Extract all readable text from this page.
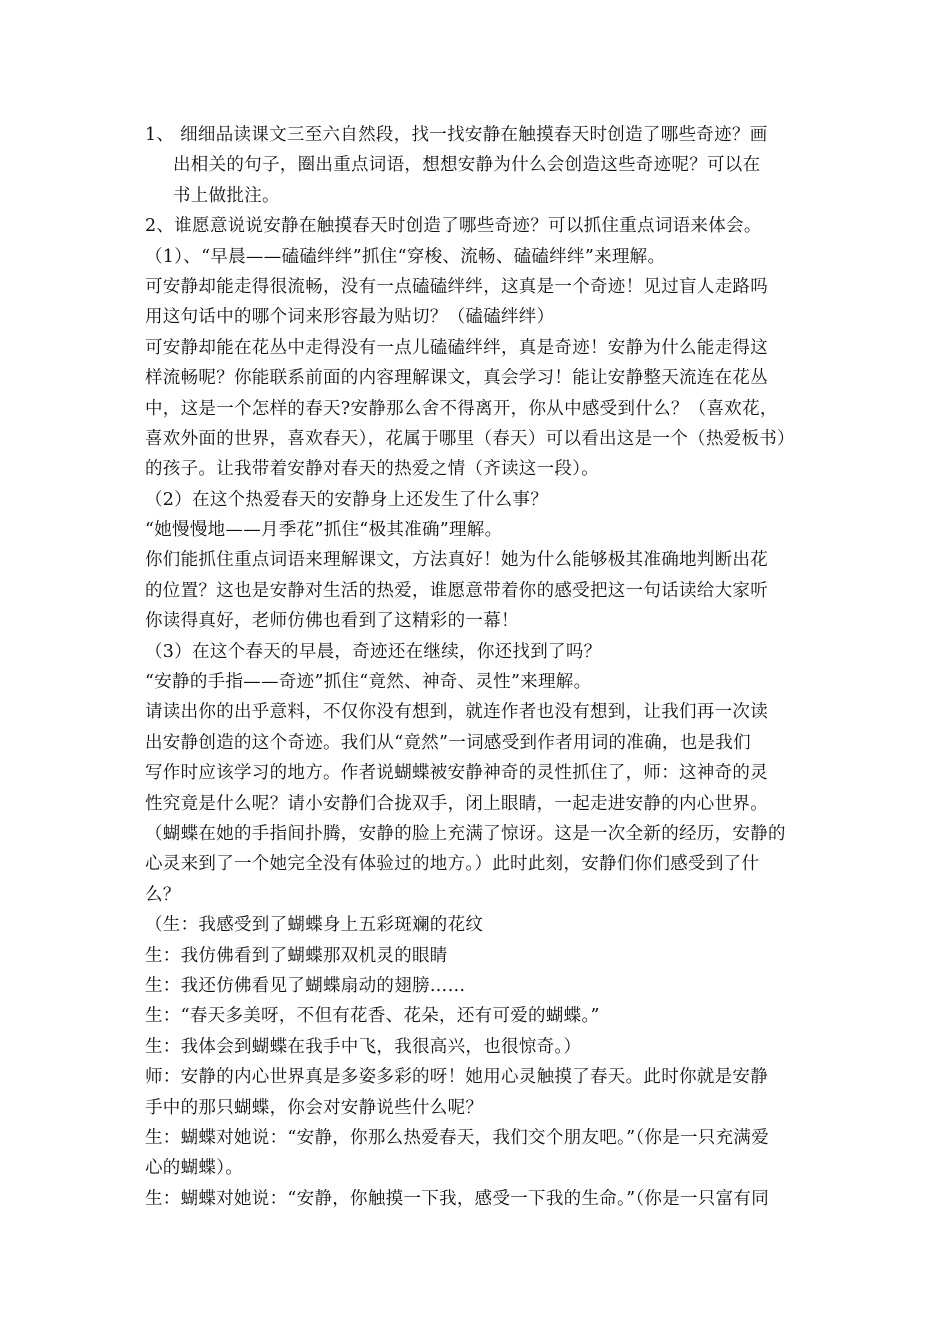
1、 细细品读课文三至六自然段，找一找安静在触摸春天时创造了哪些奇迹？画
出相关的句子，圈出重点词语，想想安静为什么会创造这些奇迹呢？可以在
书上做批注。
2、谁愿意说说安静在触摸春天时创造了哪些奇迹？可以抓住重点词语来体会。
（1）、“早晨——磕磕绊绊”抓住“穿梭、流畅、磕磕绊绊”来理解。
可安静却能走得很流畅，没有一点磕磕绊绊，这真是一个奇迹！见过盲人走路吗
用这句话中的哪个词来形容最为贴切？（磕磕绊绊）
可安静却能在花丛中走得没有一点儿磕磕绊绊，真是奇迹！安静为什么能走得这
样流畅呢？你能联系前面的内容理解课文，真会学习！能让安静整天流连在花丛
中，这是一个怎样的春天?安静那么舍不得离开，你从中感受到什么？（喜欢花，
喜欢外面的世界，喜欢春天），花属于哪里（春天）可以看出这是一个（热爱板书）
的孩子。让我带着安静对春天的热爱之情（齐读这一段）。
（2）在这个热爱春天的安静身上还发生了什么事？
“她慢慢地——月季花”抓住“极其准确”理解。
你们能抓住重点词语来理解课文，方法真好！她为什么能够极其准确地判断出花
的位置？这也是安静对生活的热爱，谁愿意带着你的感受把这一句话读给大家听
你读得真好，老师仿佛也看到了这精彩的一幕！
（3）在这个春天的早晨，奇迹还在继续，你还找到了吗？
“安静的手指——奇迹”抓住“竟然、神奇、灵性”来理解。
请读出你的出乎意料，不仅你没有想到，就连作者也没有想到，让我们再一次读
出安静创造的这个奇迹。我们从“竟然”一词感受到作者用词的准确，也是我们
写作时应该学习的地方。作者说蝴蝶被安静神奇的灵性抓住了，师：这神奇的灵
性究竟是什么呢？请小安静们合拢双手，闭上眼睛，一起走进安静的内心世界。
（蝴蝶在她的手指间扑腾，安静的脸上充满了惊讶。这是一次全新的经历，安静的
心灵来到了一个她完全没有体验过的地方。）此时此刻，安静们你们感受到了什
么？
（生：我感受到了蝴蝶身上五彩斑斓的花纹
生：我仿佛看到了蝴蝶那双机灵的眼睛
生：我还仿佛看见了蝴蝶扇动的翅膀……
生：“春天多美呀，不但有花香、花朵，还有可爱的蝴蝶。”
生：我体会到蝴蝶在我手中飞，我很高兴，也很惊奇。）
师：安静的内心世界真是多姿多彩的呀！她用心灵触摸了春天。此时你就是安静
手中的那只蝴蝶，你会对安静说些什么呢？
生：蝴蝶对她说：“安静，你那么热爱春天，我们交个朋友吧。”（你是一只充满爱
心的蝴蝶）。
生：蝴蝶对她说：“安静，你触摸一下我，感受一下我的生命。”（你是一只富有同
